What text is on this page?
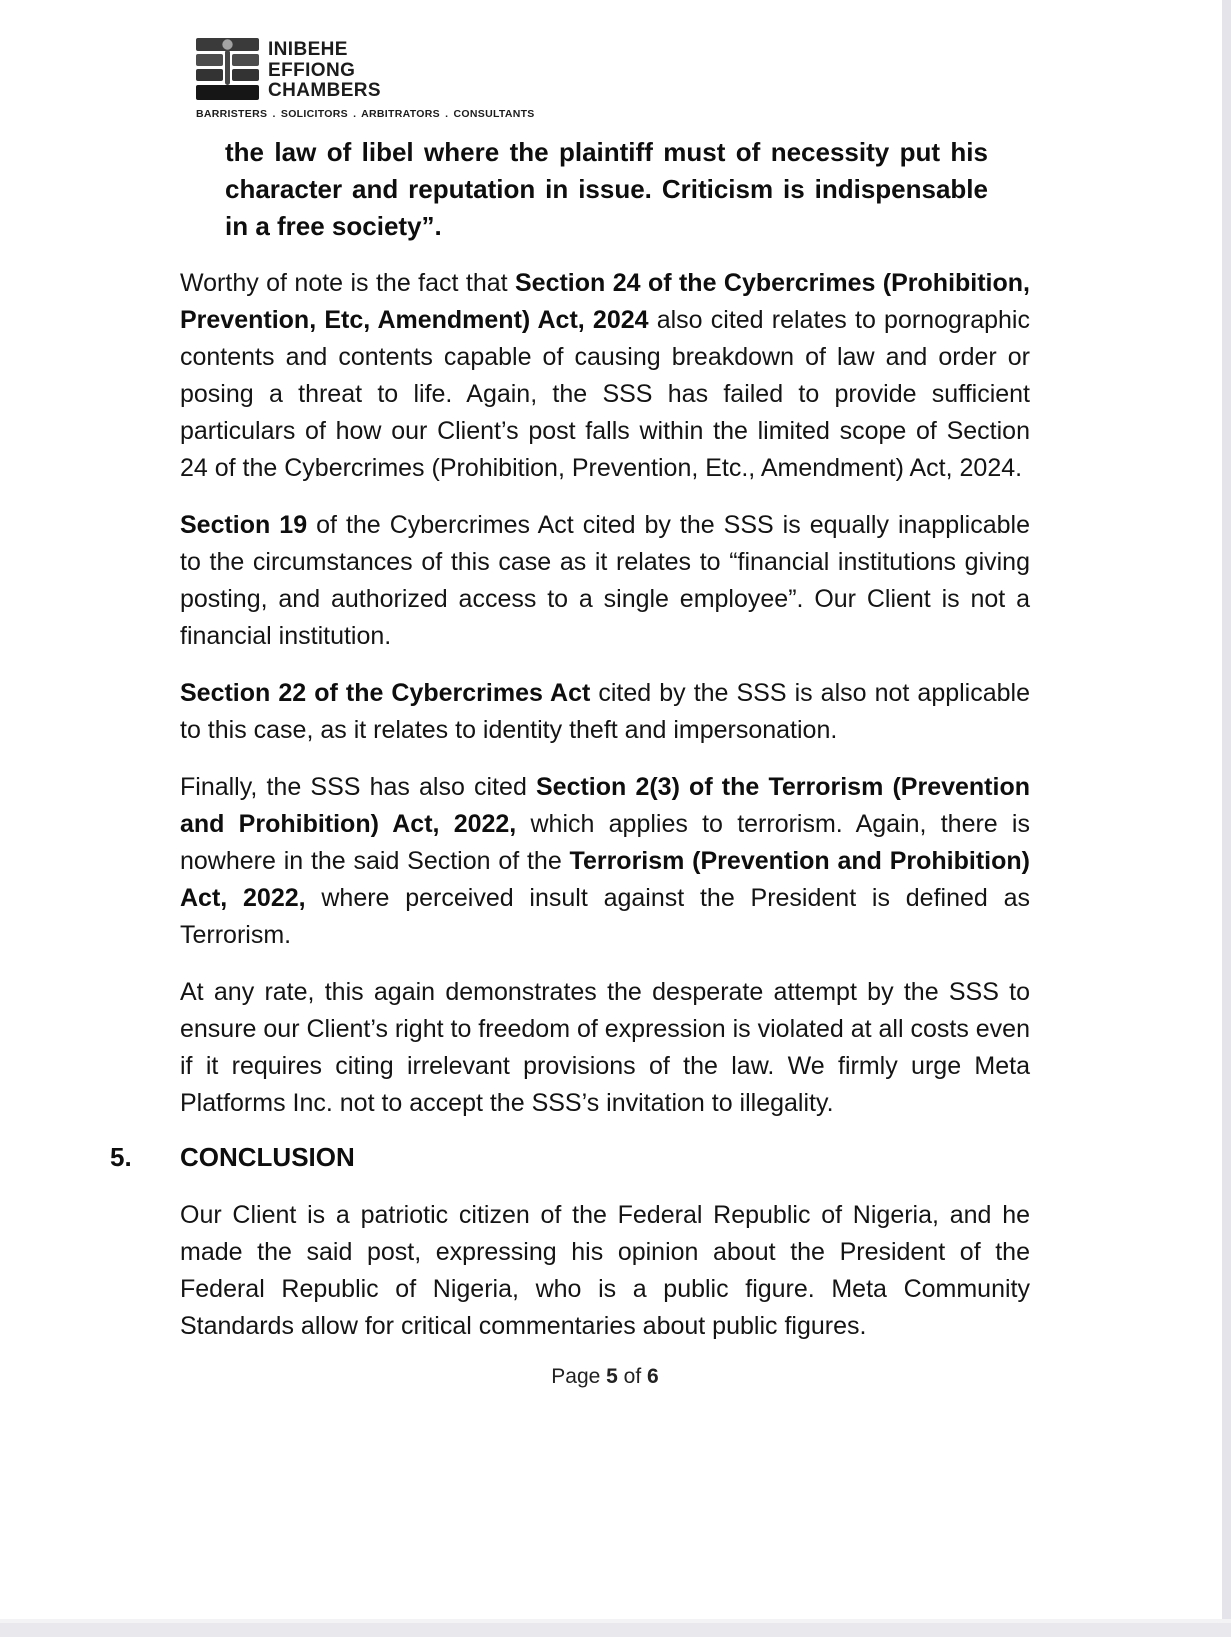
INIBEHE
EFFIONG
CHAMBERS
BARRISTERS . SOLICITORS . ARBITRATORS . CONSULTANTS

the law of libel where the plaintiff must of necessity put his character and reputation in issue. Criticism is indispensable in a free society”.

Worthy of note is the fact that Section 24 of the Cybercrimes (Prohibition, Prevention, Etc, Amendment) Act, 2024 also cited relates to pornographic contents and contents capable of causing breakdown of law and order or posing a threat to life. Again, the SSS has failed to provide sufficient particulars of how our Client’s post falls within the limited scope of Section 24 of the Cybercrimes (Prohibition, Prevention, Etc., Amendment) Act, 2024.

Section 19 of the Cybercrimes Act cited by the SSS is equally inapplicable to the circumstances of this case as it relates to “financial institutions giving posting, and authorized access to a single employee”. Our Client is not a financial institution.

Section 22 of the Cybercrimes Act cited by the SSS is also not applicable to this case, as it relates to identity theft and impersonation.

Finally, the SSS has also cited Section 2(3) of the Terrorism (Prevention and Prohibition) Act, 2022, which applies to terrorism. Again, there is nowhere in the said Section of the Terrorism (Prevention and Prohibition) Act, 2022, where perceived insult against the President is defined as Terrorism.

At any rate, this again demonstrates the desperate attempt by the SSS to ensure our Client’s right to freedom of expression is violated at all costs even if it requires citing irrelevant provisions of the law. We firmly urge Meta Platforms Inc. not to accept the SSS’s invitation to illegality.

5. CONCLUSION

Our Client is a patriotic citizen of the Federal Republic of Nigeria, and he made the said post, expressing his opinion about the President of the Federal Republic of Nigeria, who is a public figure. Meta Community Standards allow for critical commentaries about public figures.

Page 5 of 6
